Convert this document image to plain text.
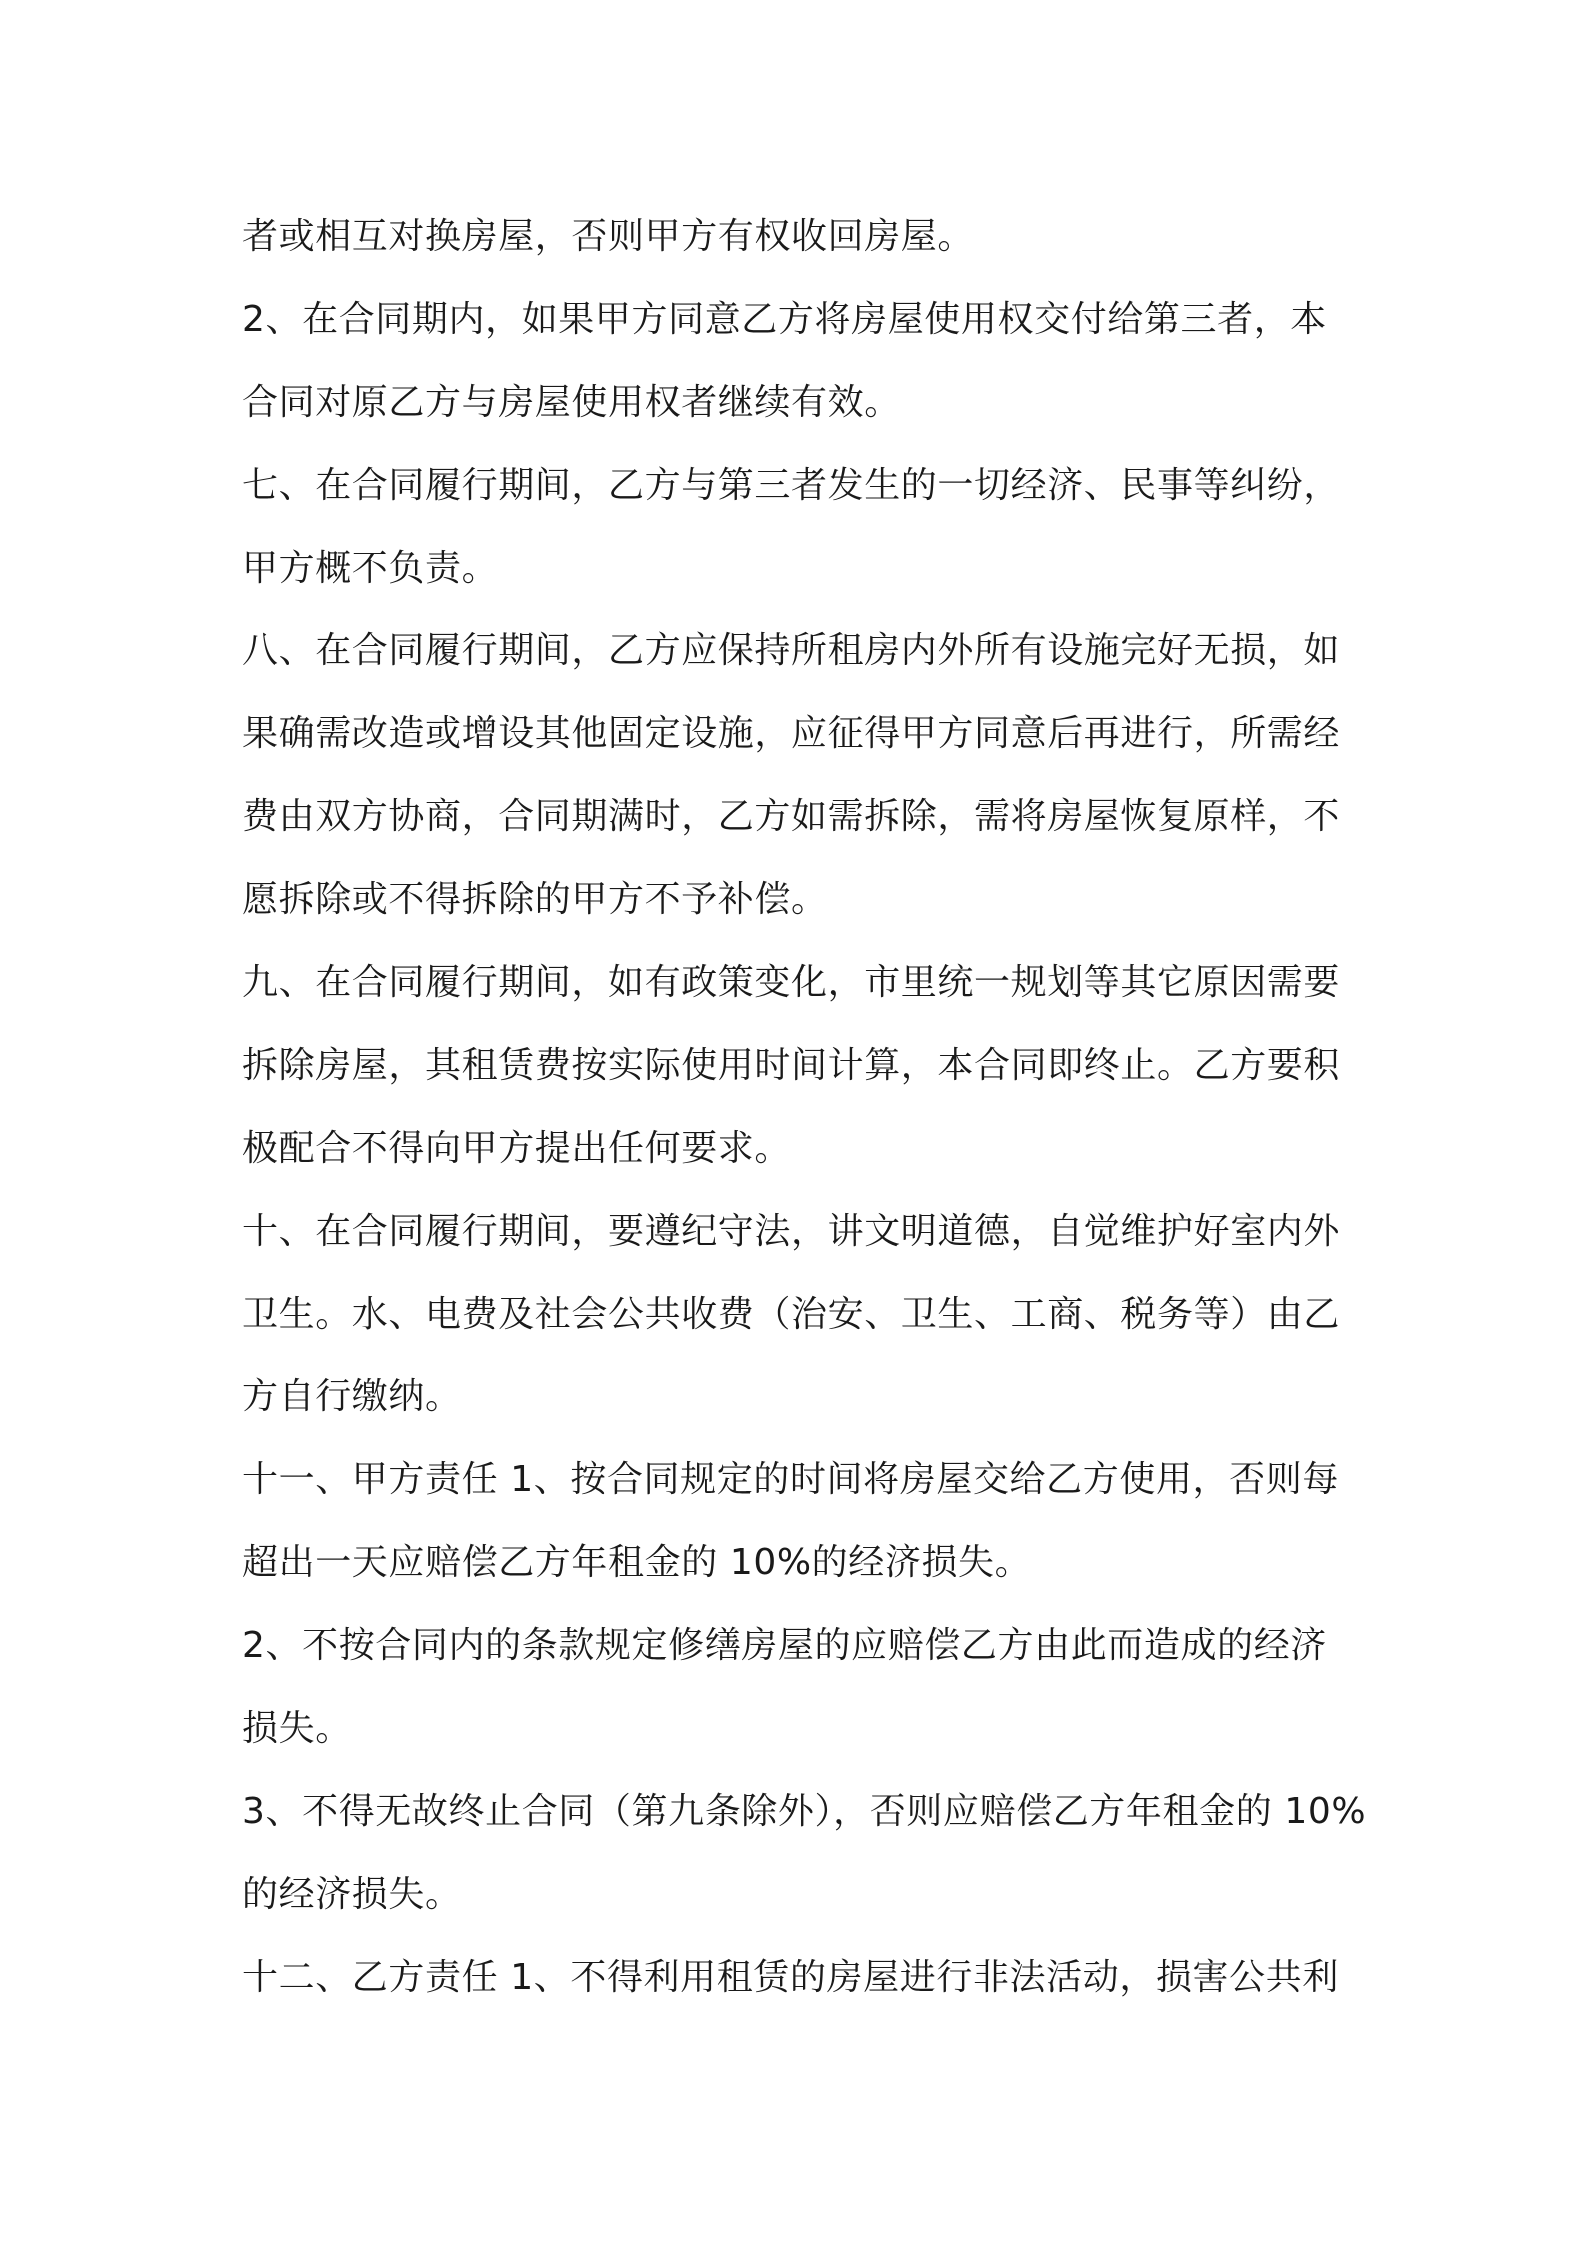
者或相互对换房屋，否则甲方有权收回房屋。
2、在合同期内，如果甲方同意乙方将房屋使用权交付给第三者，本
合同对原乙方与房屋使用权者继续有效。
七、在合同履行期间，乙方与第三者发生的一切经济、民事等纠纷，
甲方概不负责。
八、在合同履行期间，乙方应保持所租房内外所有设施完好无损，如
果确需改造或增设其他固定设施，应征得甲方同意后再进行，所需经
费由双方协商，合同期满时，乙方如需拆除，需将房屋恢复原样，不
愿拆除或不得拆除的甲方不予补偿。
九、在合同履行期间，如有政策变化，市里统一规划等其它原因需要
拆除房屋，其租赁费按实际使用时间计算，本合同即终止。乙方要积
极配合不得向甲方提出任何要求。
十、在合同履行期间，要遵纪守法，讲文明道德，自觉维护好室内外
卫生。水、电费及社会公共收费（治安、卫生、工商、税务等）由乙
方自行缴纳。
十一、甲方责任 1、按合同规定的时间将房屋交给乙方使用，否则每
超出一天应赔偿乙方年租金的 10%的经济损失。
2、不按合同内的条款规定修缮房屋的应赔偿乙方由此而造成的经济
损失。
3、不得无故终止合同（第九条除外），否则应赔偿乙方年租金的 10%
的经济损失。
十二、乙方责任 1、不得利用租赁的房屋进行非法活动，损害公共利
